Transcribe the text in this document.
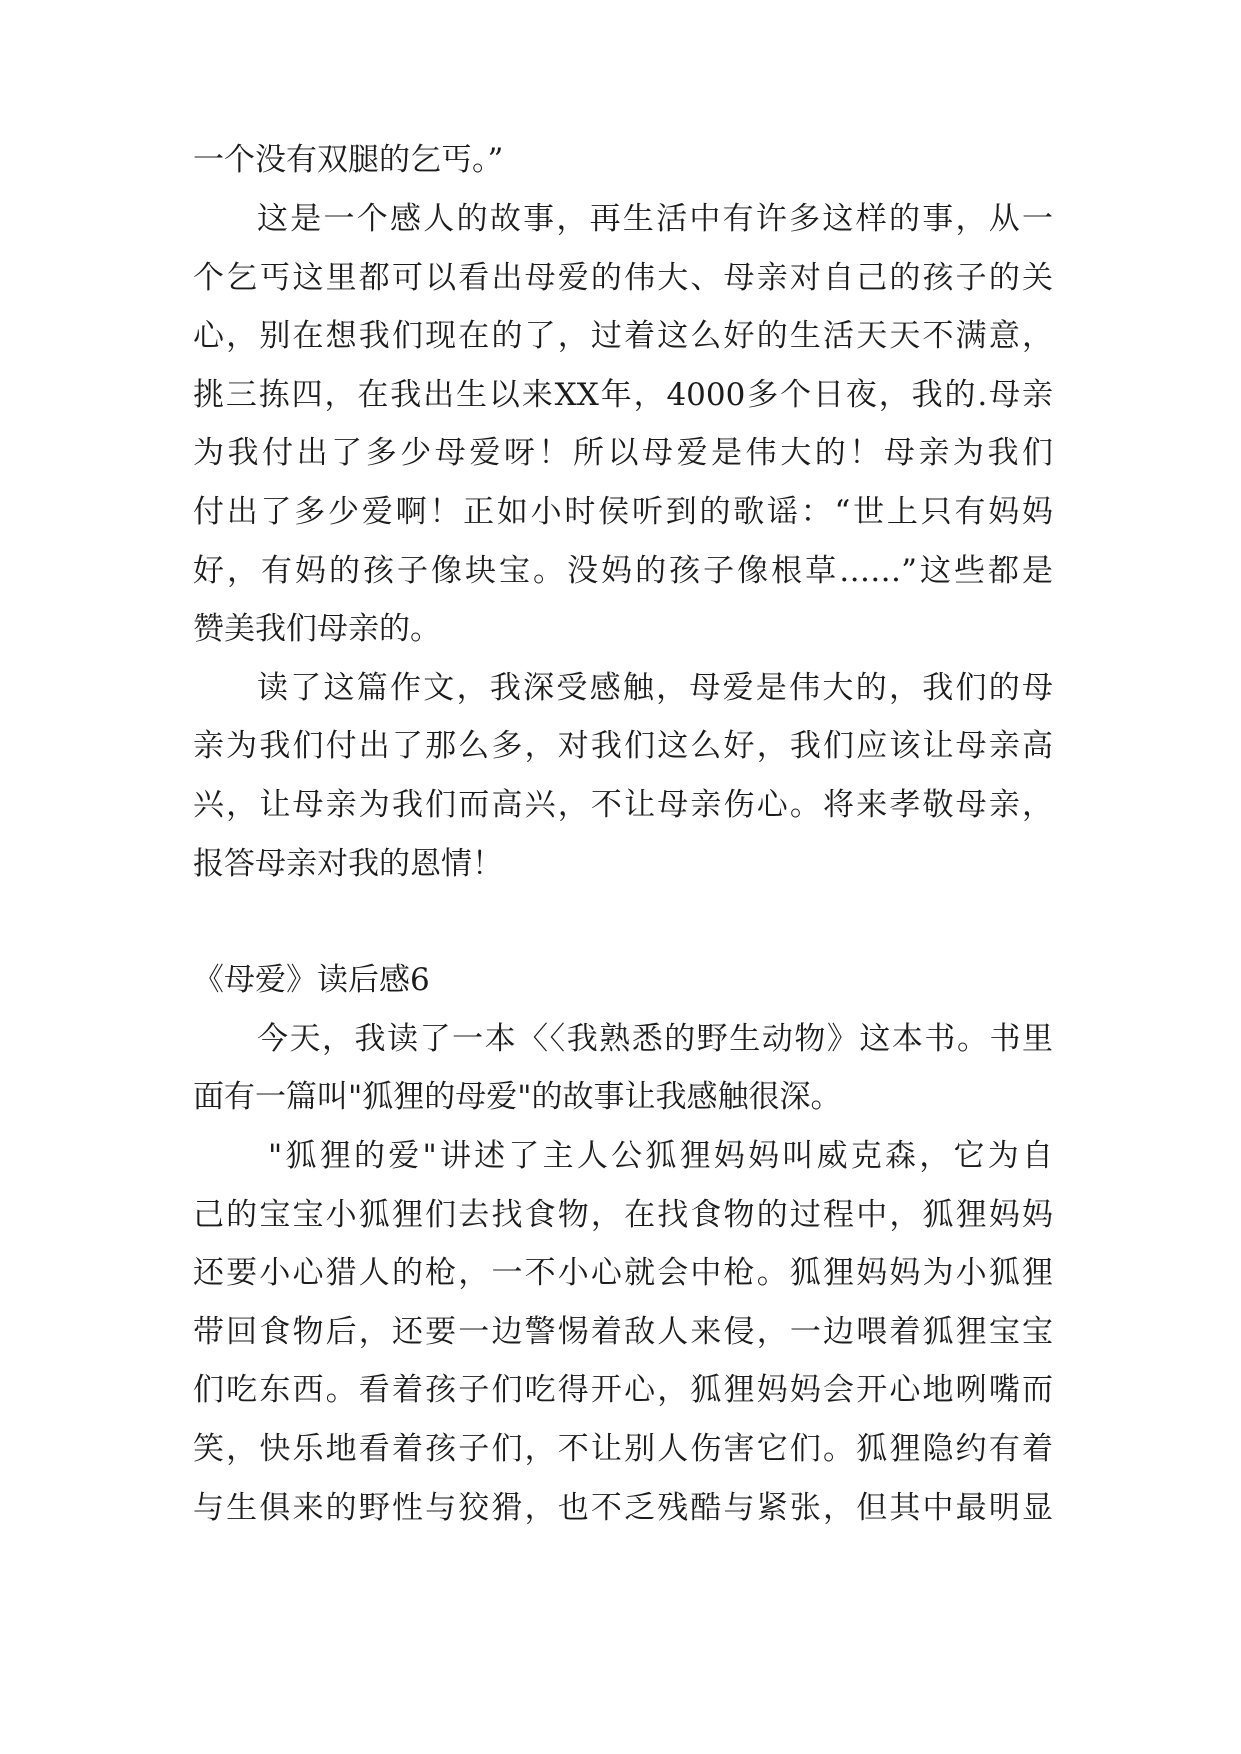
一个没有双腿的乞丐。”
这是一个感人的故事，再生活中有许多这样的事，从一
个乞丐这里都可以看出母爱的伟大、母亲对自己的孩子的关
心，别在想我们现在的了，过着这么好的生活天天不满意，
挑三拣四，在我出生以来XX年，4000多个日夜，我的.母亲
为我付出了多少母爱呀！所以母爱是伟大的！母亲为我们
付出了多少爱啊！正如小时侯听到的歌谣：“世上只有妈妈
好，有妈的孩子像块宝。没妈的孩子像根草……”这些都是
赞美我们母亲的。
读了这篇作文，我深受感触，母爱是伟大的，我们的母
亲为我们付出了那么多，对我们这么好，我们应该让母亲高
兴，让母亲为我们而高兴，不让母亲伤心。将来孝敬母亲，
报答母亲对我的恩情！
《母爱》读后感6
今天，我读了一本〈〈我熟悉的野生动物》这本书。书里
面有一篇叫"狐狸的母爱"的故事让我感触很深。
"狐狸的爱"讲述了主人公狐狸妈妈叫威克森，它为自
己的宝宝小狐狸们去找食物，在找食物的过程中，狐狸妈妈
还要小心猎人的枪，一不小心就会中枪。狐狸妈妈为小狐狸
带回食物后，还要一边警惕着敌人来侵，一边喂着狐狸宝宝
们吃东西。看着孩子们吃得开心，狐狸妈妈会开心地咧嘴而
笑，快乐地看着孩子们，不让别人伤害它们。狐狸隐约有着
与生俱来的野性与狡猾，也不乏残酷与紧张，但其中最明显
